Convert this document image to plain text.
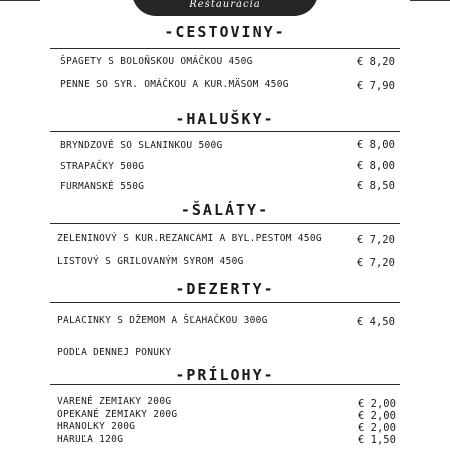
Reštaurácia
-CESTOVINY-
ŠPAGETY S BOLOŇSKOU OMÁČKOU 450G	€ 8,20
PENNE SO SYR. OMÁČKOU A KUR.MÄSOM 450G	€ 7,90
-HALUŠKY-
BRYNDZOVÉ SO SLANINKOU 500G	€ 8,00
STRAPAČKY 500G	€ 8,00
FURMANSKÉ 550G	€ 8,50
-ŠALÁTY-
ZELENINOVÝ S KUR.REZANCAMI A BYL.PESTOM 450G	€ 7,20
LISTOVÝ S GRILOVANÝM SYROM 450G	€ 7,20
-DEZERTY-
PALACINKY S DŽEMOM A ŠĽAHAČKOU 300G	€ 4,50
PODĽA DENNEJ PONUKY
-PRÍLOHY-
VARENÉ ZEMIAKY 200G	€ 2,00
OPEKANÉ ZEMIAKY 200G	€ 2,00
HRANOLKY 200G	€ 2,00
HARUĽA 120G	€ 1,50
